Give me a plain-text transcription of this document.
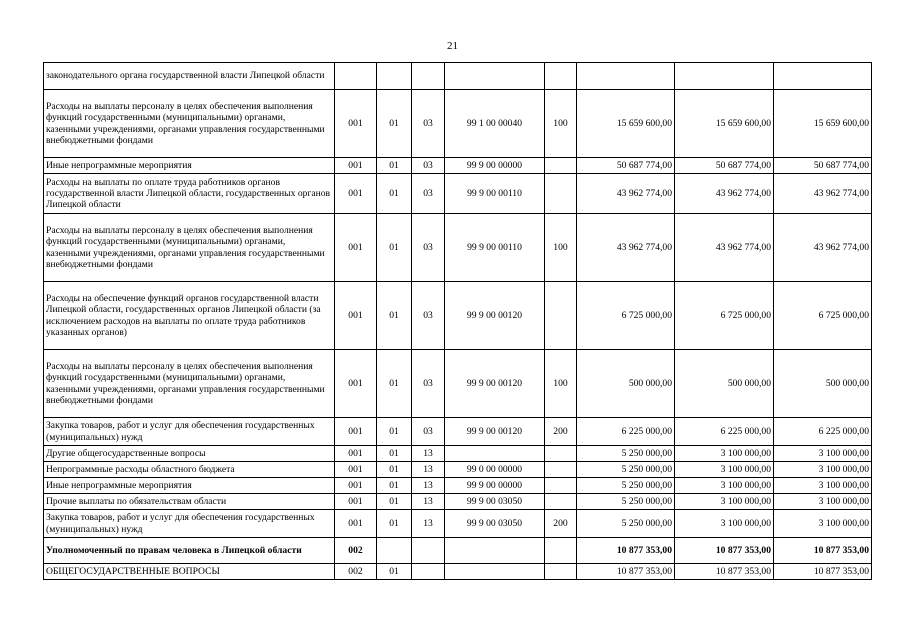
21
законодательного органа государственной власти Липецкой области								
Расходы на выплаты персоналу в целях обеспечения выполнения функций государственными (муниципальными) органами, казенными учреждениями, органами управления государственными внебюджетными фондами	001	01	03	99 1 00 00040	100	15 659 600,00	15 659 600,00	15 659 600,00
Иные непрограммные мероприятия	001	01	03	99 9 00 00000		50 687 774,00	50 687 774,00	50 687 774,00
Расходы на выплаты по оплате труда работников органов государственной власти Липецкой области, государственных органов Липецкой области	001	01	03	99 9 00 00110		43 962 774,00	43 962 774,00	43 962 774,00
Расходы на выплаты персоналу в целях обеспечения выполнения функций государственными (муниципальными) органами, казенными учреждениями, органами управления государственными внебюджетными фондами	001	01	03	99 9 00 00110	100	43 962 774,00	43 962 774,00	43 962 774,00
Расходы на обеспечение функций органов государственной власти Липецкой области, государственных органов Липецкой области (за исключением расходов на выплаты по оплате труда работников указанных органов)	001	01	03	99 9 00 00120		6 725 000,00	6 725 000,00	6 725 000,00
Расходы на выплаты персоналу в целях обеспечения выполнения функций государственными (муниципальными) органами, казенными учреждениями, органами управления государственными внебюджетными фондами	001	01	03	99 9 00 00120	100	500 000,00	500 000,00	500 000,00
Закупка товаров, работ и услуг для обеспечения государственных (муниципальных) нужд	001	01	03	99 9 00 00120	200	6 225 000,00	6 225 000,00	6 225 000,00
Другие общегосударственные вопросы	001	01	13			5 250 000,00	3 100 000,00	3 100 000,00
Непрограммные расходы областного бюджета	001	01	13	99 0 00 00000		5 250 000,00	3 100 000,00	3 100 000,00
Иные непрограммные мероприятия	001	01	13	99 9 00 00000		5 250 000,00	3 100 000,00	3 100 000,00
Прочие выплаты по обязательствам области	001	01	13	99 9 00 03050		5 250 000,00	3 100 000,00	3 100 000,00
Закупка товаров, работ и услуг для обеспечения государственных (муниципальных) нужд	001	01	13	99 9 00 03050	200	5 250 000,00	3 100 000,00	3 100 000,00
Уполномоченный по правам человека в Липецкой области	002					10 877 353,00	10 877 353,00	10 877 353,00
ОБЩЕГОСУДАРСТВЕННЫЕ ВОПРОСЫ	002	01				10 877 353,00	10 877 353,00	10 877 353,00
